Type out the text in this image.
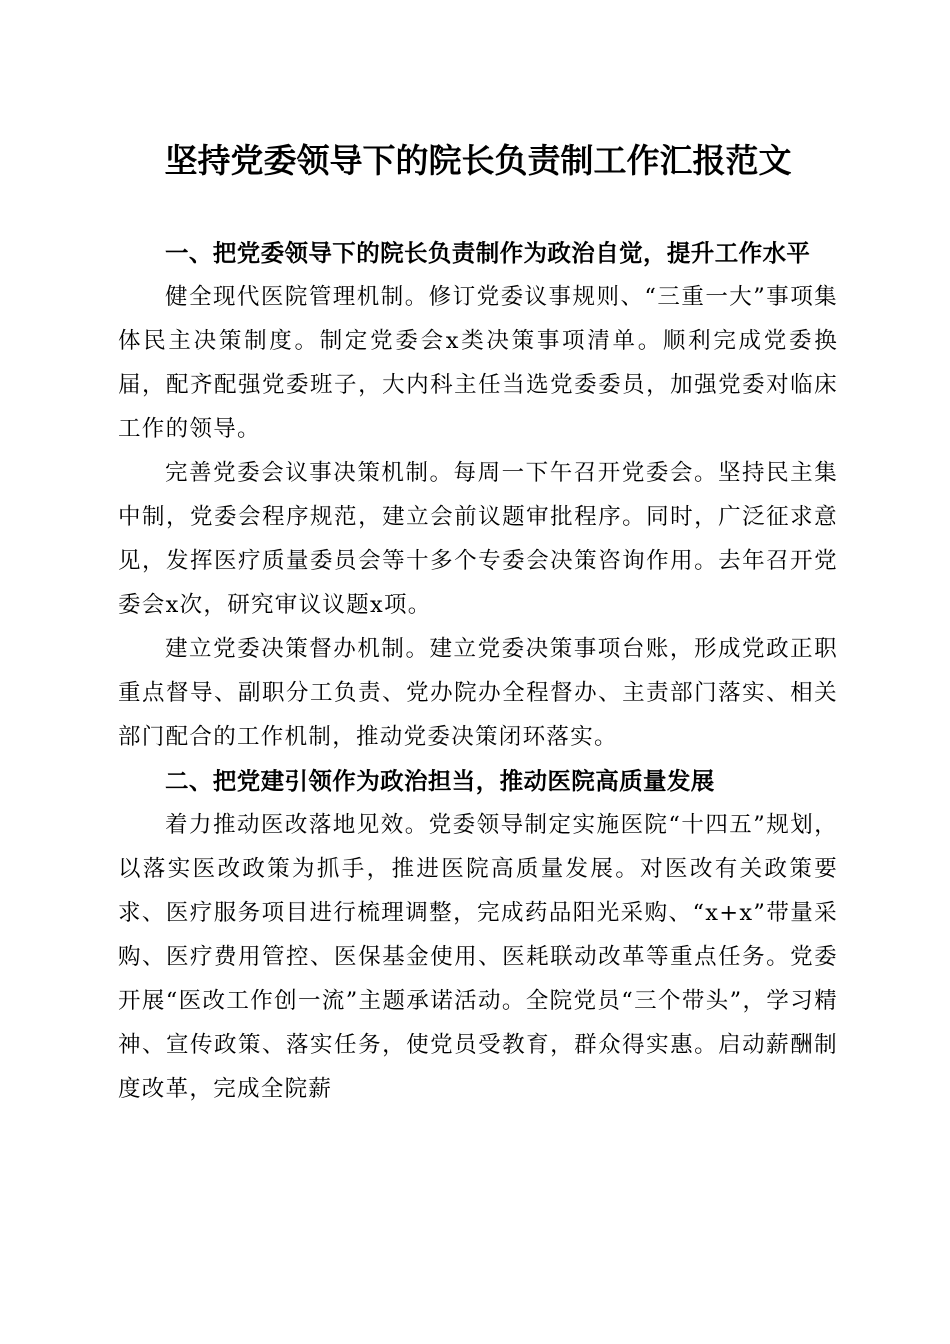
坚持党委领导下的院长负责制工作汇报范文
一、把党委领导下的院长负责制作为政治自觉，提升工作水平

健全现代医院管理机制。修订党委议事规则、“三重一大”事项集体民主决策制度。制定党委会x类决策事项清单。顺利完成党委换届，配齐配强党委班子，大内科主任当选党委委员，加强党委对临床工作的领导。

完善党委会议事决策机制。每周一下午召开党委会。坚持民主集中制，党委会程序规范，建立会前议题审批程序。同时，广泛征求意见，发挥医疗质量委员会等十多个专委会决策咨询作用。去年召开党委会x次，研究审议议题x项。

建立党委决策督办机制。建立党委决策事项台账，形成党政正职重点督导、副职分工负责、党办院办全程督办、主责部门落实、相关部门配合的工作机制，推动党委决策闭环落实。

二、把党建引领作为政治担当，推动医院高质量发展

着力推动医改落地见效。党委领导制定实施医院“十四五”规划，以落实医改政策为抓手，推进医院高质量发展。对医改有关政策要求、医疗服务项目进行梳理调整，完成药品阳光采购、“x+x”带量采购、医疗费用管控、医保基金使用、医耗联动改革等重点任务。党委开展“医改工作创一流”主题承诺活动。全院党员“三个带头”，学习精神、宣传政策、落实任务，使党员受教育，群众得实惠。启动薪酬制度改革，完成全院薪
